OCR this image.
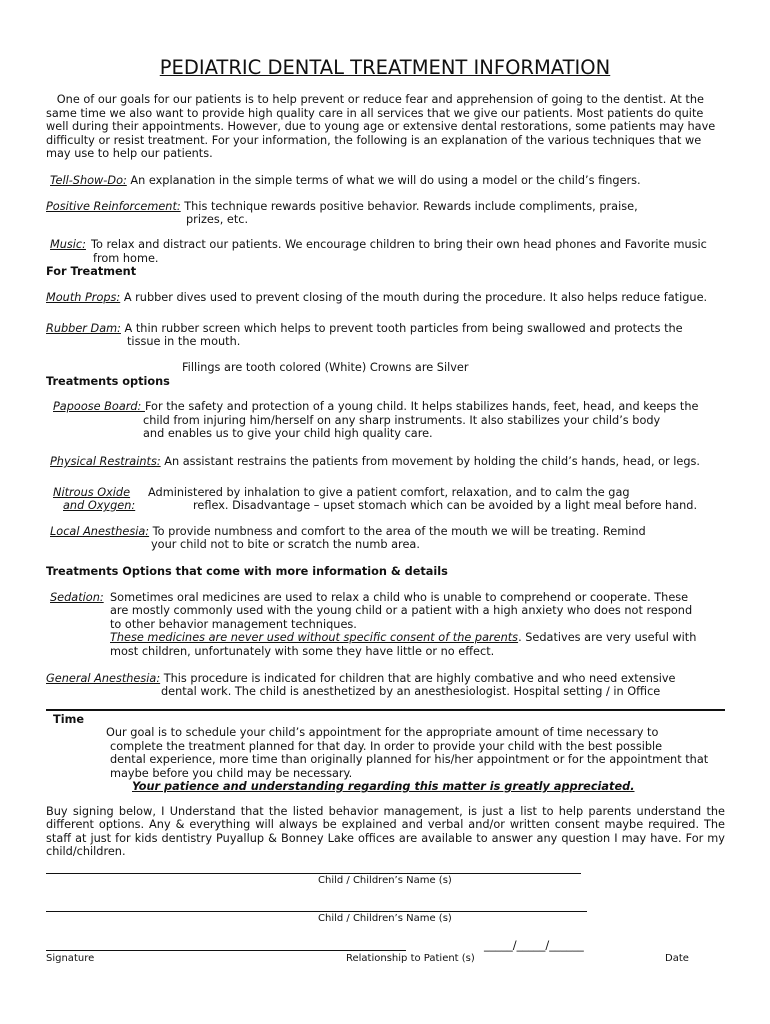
PEDIATRIC DENTAL TREATMENT INFORMATION
One of our goals for our patients is to help prevent or reduce fear and apprehension of going to the dentist. At the
same time we also want to provide high quality care in all services that we give our patients. Most patients do quite
well during their appointments. However, due to young age or extensive dental restorations, some patients may have
difficulty or resist treatment. For your information, the following is an explanation of the various techniques that we
may use to help our patients.
Tell-Show-Do: An explanation in the simple terms of what we will do using a model or the child’s fingers.
Positive Reinforcement: This technique rewards positive behavior. Rewards include compliments, praise,
prizes, etc.
Music: To relax and distract our patients. We encourage children to bring their own head phones and Favorite music
from home.
For Treatment
Mouth Props: A rubber dives used to prevent closing of the mouth during the procedure. It also helps reduce fatigue.
Rubber Dam: A thin rubber screen which helps to prevent tooth particles from being swallowed and protects the
tissue in the mouth.
Fillings are tooth colored (White) Crowns are Silver
Treatments options
Papoose Board: For the safety and protection of a young child. It helps stabilizes hands, feet, head, and keeps the
child from injuring him/herself on any sharp instruments. It also stabilizes your child’s body
and enables us to give your child high quality care.
Physical Restraints: An assistant restrains the patients from movement by holding the child’s hands, head, or legs.
Nitrous Oxide Administered by inhalation to give a patient comfort, relaxation, and to calm the gag
and Oxygen:	reflex. Disadvantage – upset stomach which can be avoided by a light meal before hand.
Local Anesthesia: To provide numbness and comfort to the area of the mouth we will be treating. Remind
your child not to bite or scratch the numb area.
Treatments Options that come with more information & details
Sedation: Sometimes oral medicines are used to relax a child who is unable to comprehend or cooperate. These
are mostly commonly used with the young child or a patient with a high anxiety who does not respond
to other behavior management techniques.
These medicines are never used without specific consent of the parents. Sedatives are very useful with
most children, unfortunately with some they have little or no effect.
General Anesthesia: This procedure is indicated for children that are highly combative and who need extensive
dental work. The child is anesthetized by an anesthesiologist. Hospital setting / in Office
Time
Our goal is to schedule your child’s appointment for the appropriate amount of time necessary to
complete the treatment planned for that day. In order to provide your child with the best possible
dental experience, more time than originally planned for his/her appointment or for the appointment that
maybe before you child may be necessary.
Your patience and understanding regarding this matter is greatly appreciated.
Buy signing below, I Understand that the listed behavior management, is just a list to help parents understand the different options. Any & everything will always be explained and verbal and/or written consent maybe required. The staff at just for kids dentistry Puyallup & Bonney Lake offices are available to answer any question I may have. For my child/children.
Child / Children’s Name (s)
Child / Children’s Name (s)
_____/_____/______
Signature	Relationship to Patient (s)	Date
